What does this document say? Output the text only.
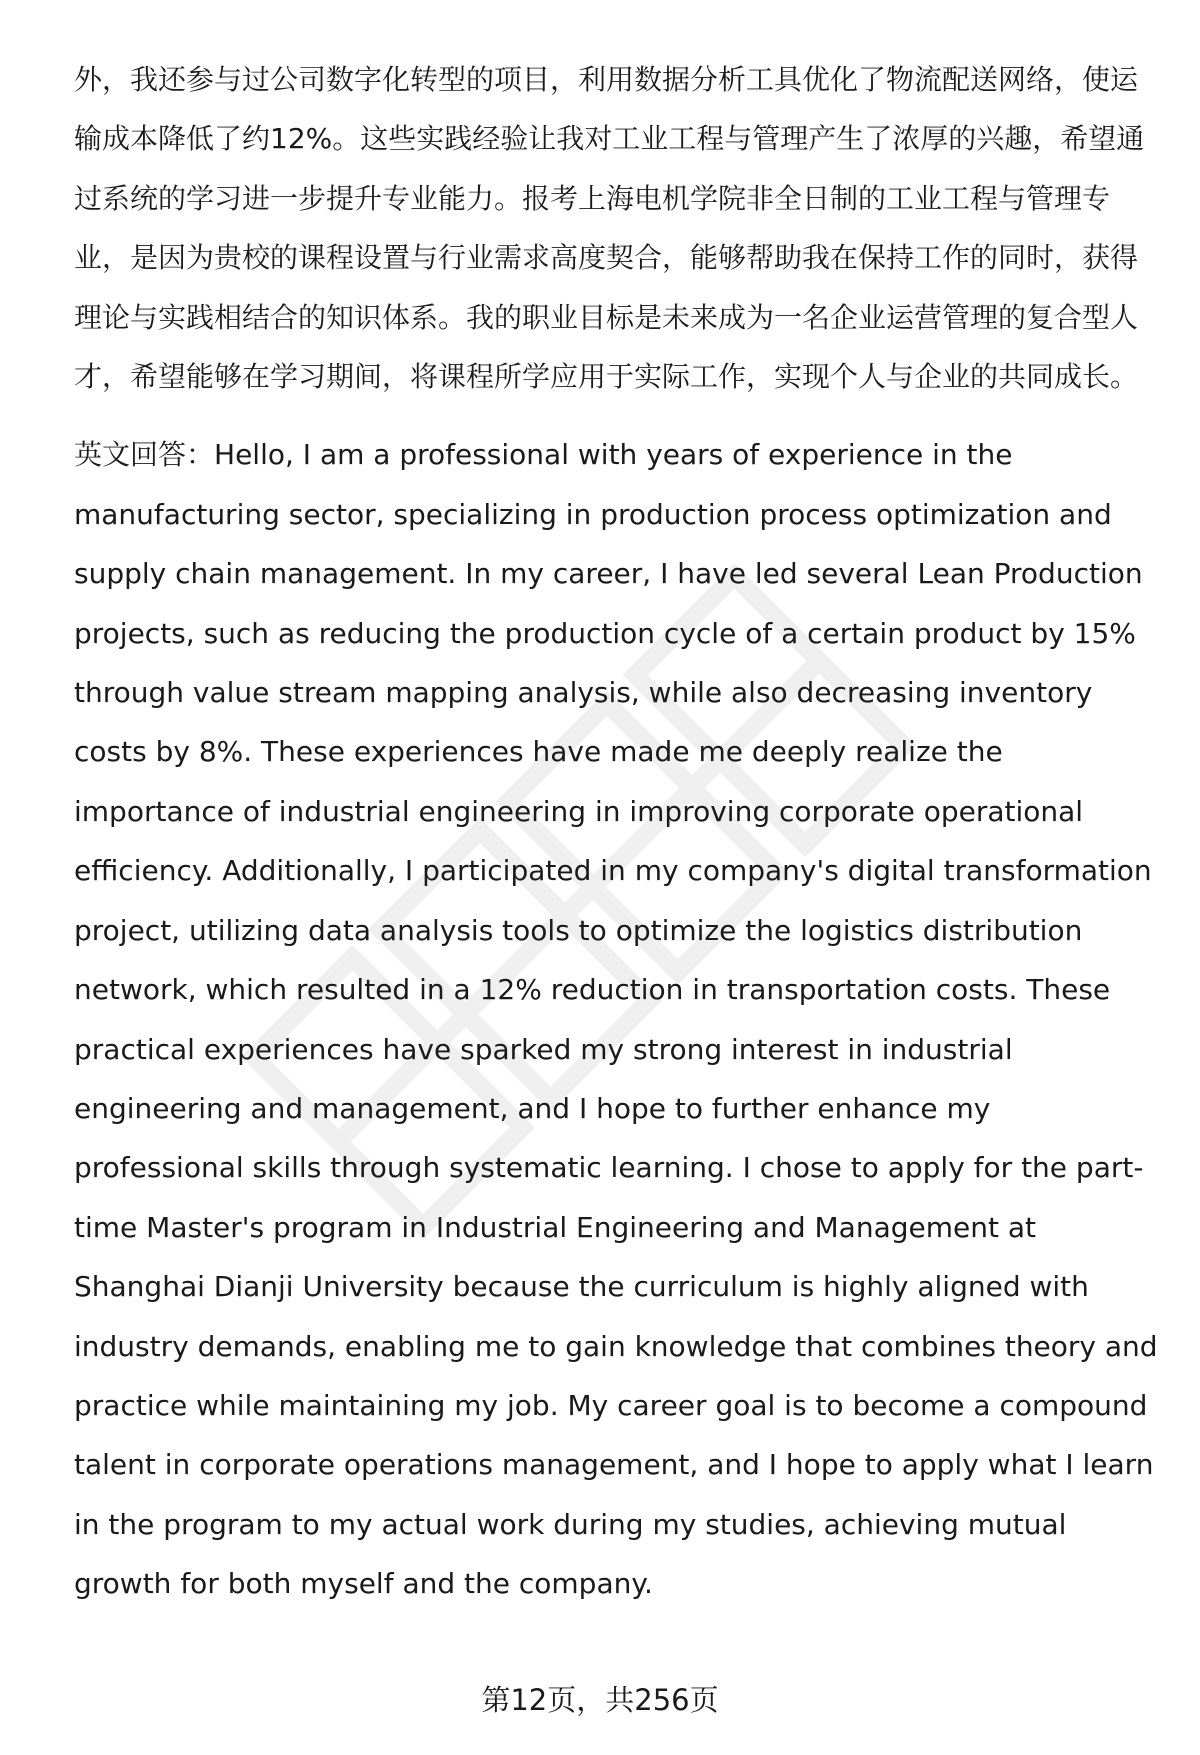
外，我还参与过公司数字化转型的项目，利用数据分析工具优化了物流配送网络，使运输成本降低了约12%。这些实践经验让我对工业工程与管理产生了浓厚的兴趣，希望通过系统的学习进一步提升专业能力。报考上海电机学院非全日制的工业工程与管理专业，是因为贵校的课程设置与行业需求高度契合，能够帮助我在保持工作的同时，获得理论与实践相结合的知识体系。我的职业目标是未来成为一名企业运营管理的复合型人才，希望能够在学习期间，将课程所学应用于实际工作，实现个人与企业的共同成长。

英文回答：Hello, I am a professional with years of experience in the manufacturing sector, specializing in production process optimization and supply chain management. In my career, I have led several Lean Production projects, such as reducing the production cycle of a certain product by 15% through value stream mapping analysis, while also decreasing inventory costs by 8%. These experiences have made me deeply realize the importance of industrial engineering in improving corporate operational efficiency. Additionally, I participated in my company's digital transformation project, utilizing data analysis tools to optimize the logistics distribution network, which resulted in a 12% reduction in transportation costs. These practical experiences have sparked my strong interest in industrial engineering and management, and I hope to further enhance my professional skills through systematic learning. I chose to apply for the part-time Master's program in Industrial Engineering and Management at Shanghai Dianji University because the curriculum is highly aligned with industry demands, enabling me to gain knowledge that combines theory and practice while maintaining my job. My career goal is to become a compound talent in corporate operations management, and I hope to apply what I learn in the program to my actual work during my studies, achieving mutual growth for both myself and the company.

第12页，共256页
